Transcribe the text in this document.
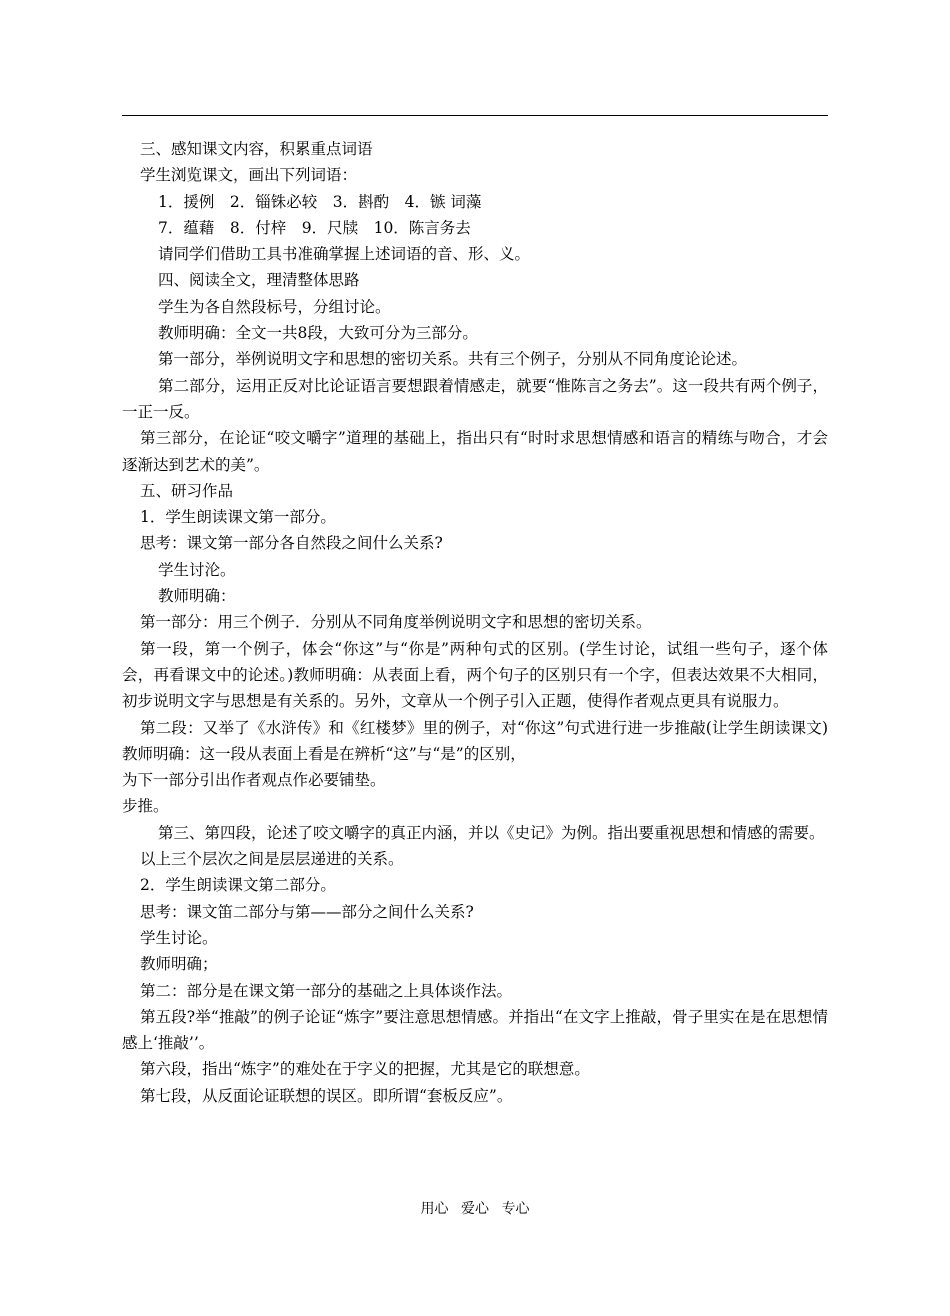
三、感知课文内容，积累重点词语

学生浏览课文，画出下列词语：

1．援例　2．锱铢必较　3．斟酌　4．镞 词藻

7．蕴藉　8．付梓　9．尺牍　10．陈言务去

请同学们借助工具书准确掌握上述词语的音、形、义。

四、阅读全文，理清整体思路

学生为各自然段标号，分组讨论。

教师明确：全文一共8段，大致可分为三部分。

第一部分，举例说明文字和思想的密切关系。共有三个例子，分别从不同角度论论述。

第二部分，运用正反对比论证语言要想跟着情感走，就要“惟陈言之务去”。这一段共有两个例子，一正一反。

第三部分，在论证“咬文嚼字”道理的基础上，指出只有“时时求思想情感和语言的精练与吻合，才会逐渐达到艺术的美”。

五、研习作品

1．学生朗读课文第一部分。

思考：课文第一部分各自然段之间什么关系?

学生讨沦。

教师明确：

第一部分：用三个例子．分别从不同角度举例说明文字和思想的密切关系。

第一段，第一个例子，体会“你这”与“你是”两种句式的区别。(学生讨论，试组一些句子，逐个体会，再看课文中的论述。)教师明确：从表面上看，两个句子的区别只有一个字，但表达效果不大相同，初步说明文字与思想是有关系的。另外，文章从一个例子引入正题，使得作者观点更具有说服力。

第二段：又举了《水浒传》和《红楼梦》里的例子，对“你这”句式进行进一步推敲(让学生朗读课文)教师明确：这一段从表面上看是在辨析“这”与“是”的区别，

为下一部分引出作者观点作必要铺垫。

步推。

第三、第四段，论述了咬文嚼字的真正内涵，并以《史记》为例。指出要重视思想和情感的需要。

以上三个层次之间是层层递进的关系。

2．学生朗读课文第二部分。

思考：课文笛二部分与第——部分之间什么关系?

学生讨论。

教师明确；

第二：部分是在课文第一部分的基础之上具体谈作法。

第五段?举“推敲”的例子论证“炼字”要注意思想情感。并指出“在文字上推敲，骨子里实在是在思想情感上‘推敲’’。

第六段，指出“炼字”的难处在于字义的把握，尤其是它的联想意。

第七段，从反面论证联想的误区。即所谓“套板反应”。

用心 爱心 专心
